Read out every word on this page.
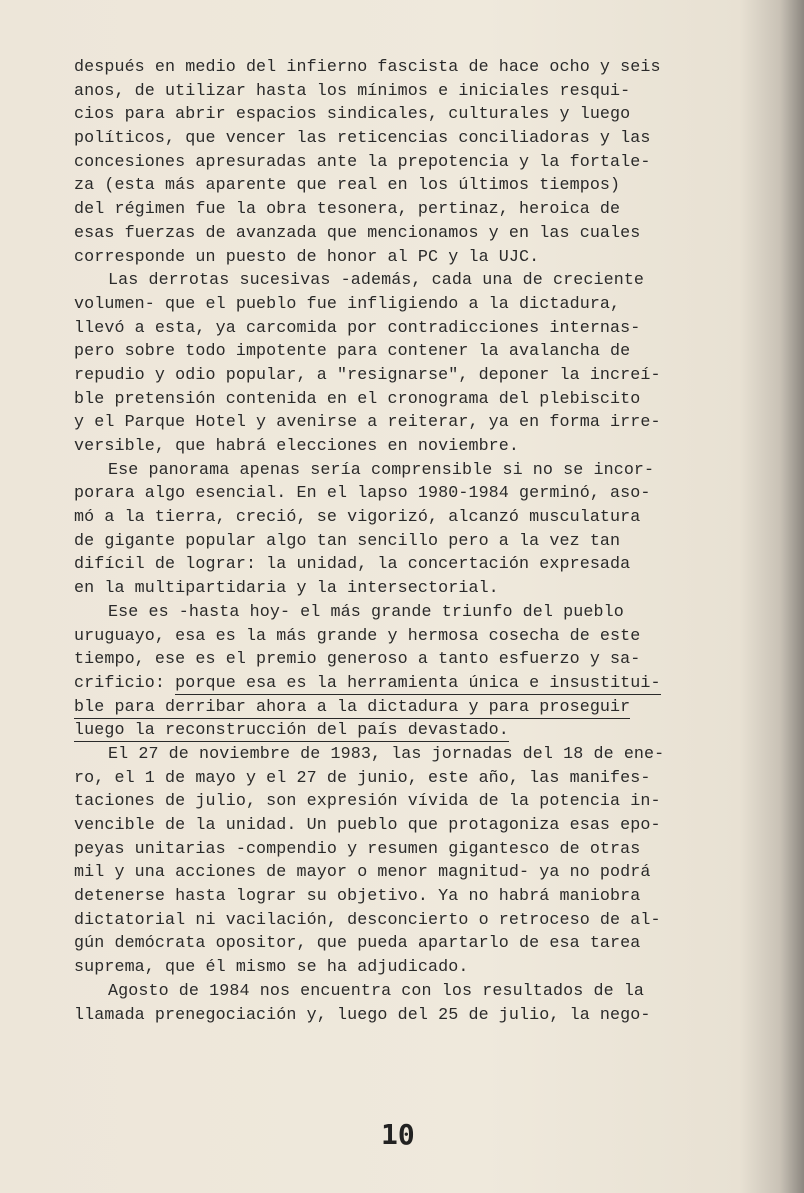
después en medio del infierno fascista de hace ocho y seis
anos, de utilizar hasta los mínimos e iniciales resqui-
cios para abrir espacios sindicales, culturales y luego
políticos, que vencer las reticencias conciliadoras y las
concesiones apresuradas ante la prepotencia y la fortale-
za (esta más aparente que real en los últimos tiempos)
del régimen fue la obra tesonera, pertinaz, heroica de
esas fuerzas de avanzada que mencionamos y en las cuales
corresponde un puesto de honor al PC y la UJC.
Las derrotas sucesivas -además, cada una de creciente
volumen- que el pueblo fue infligiendo a la dictadura,
llevó a esta, ya carcomida por contradicciones internas-
pero sobre todo impotente para contener la avalancha de
repudio y odio popular, a "resignarse", deponer la increí-
ble pretensión contenida en el cronograma del plebiscito
y el Parque Hotel y avenirse a reiterar, ya en forma irre-
versible, que habrá elecciones en noviembre.
Ese panorama apenas sería comprensible si no se incor-
porara algo esencial. En el lapso 1980-1984 germinó, aso-
mó a la tierra, creció, se vigorizó, alcanzó musculatura
de gigante popular algo tan sencillo pero a la vez tan
difícil de lograr: la unidad, la concertación expresada
en la multipartidaria y la intersectorial.
Ese es -hasta hoy- el más grande triunfo del pueblo
uruguayo, esa es la más grande y hermosa cosecha de este
tiempo, ese es el premio generoso a tanto esfuerzo y sa-
crificio: porque esa es la herramienta única e insustitui-
ble para derribar ahora a la dictadura y para proseguir
luego la reconstrucción del país devastado.
El 27 de noviembre de 1983, las jornadas del 18 de ene-
ro, el 1 de mayo y el 27 de junio, este año, las manifes-
taciones de julio, son expresión vívida de la potencia in-
vencible de la unidad. Un pueblo que protagoniza esas epo-
peyas unitarias -compendio y resumen gigantesco de otras
mil y una acciones de mayor o menor magnitud- ya no podrá
detenerse hasta lograr su objetivo. Ya no habrá maniobra
dictatorial ni vacilación, desconcierto o retroceso de al-
gún demócrata opositor, que pueda apartarlo de esa tarea
suprema, que él mismo se ha adjudicado.
Agosto de 1984 nos encuentra con los resultados de la
llamada prenegociación y, luego del 25 de julio, la nego-
10
